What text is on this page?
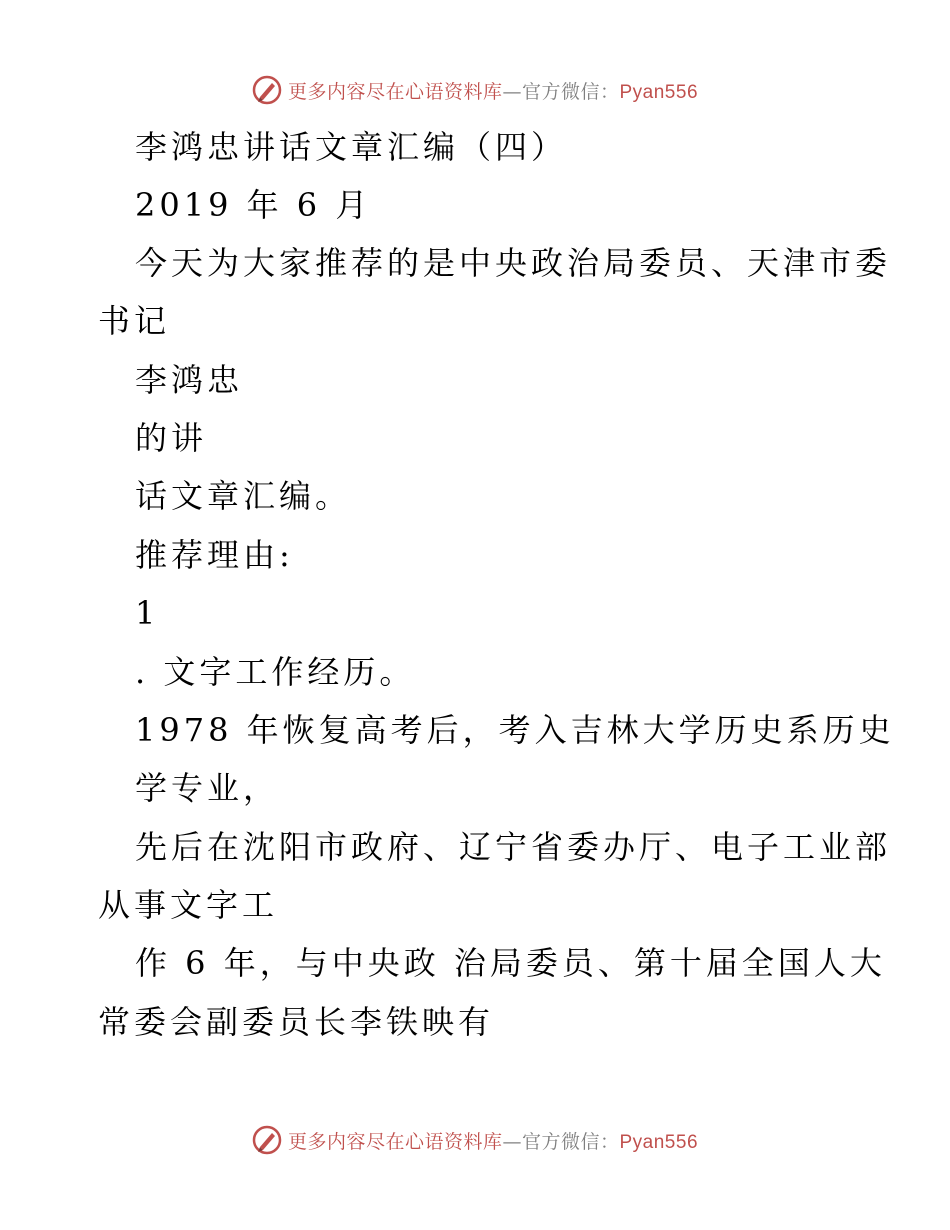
更多内容尽在心语资料库—官方微信：Pyan556
李鸿忠讲话文章汇编（四）
2019 年 6 月
今天为大家推荐的是中央政治局委员、天津市委
书记
李鸿忠
的讲
话文章汇编。
推荐理由:
1
. 文字工作经历。
1978 年恢复高考后，考入吉林大学历史系历史
学专业，
先后在沈阳市政府、辽宁省委办厅、电子工业部
从事文字工
作 6 年，与中央政 治局委员、第十届全国人大
常委会副委员长李铁映有
更多内容尽在心语资料库—官方微信：Pyan556
